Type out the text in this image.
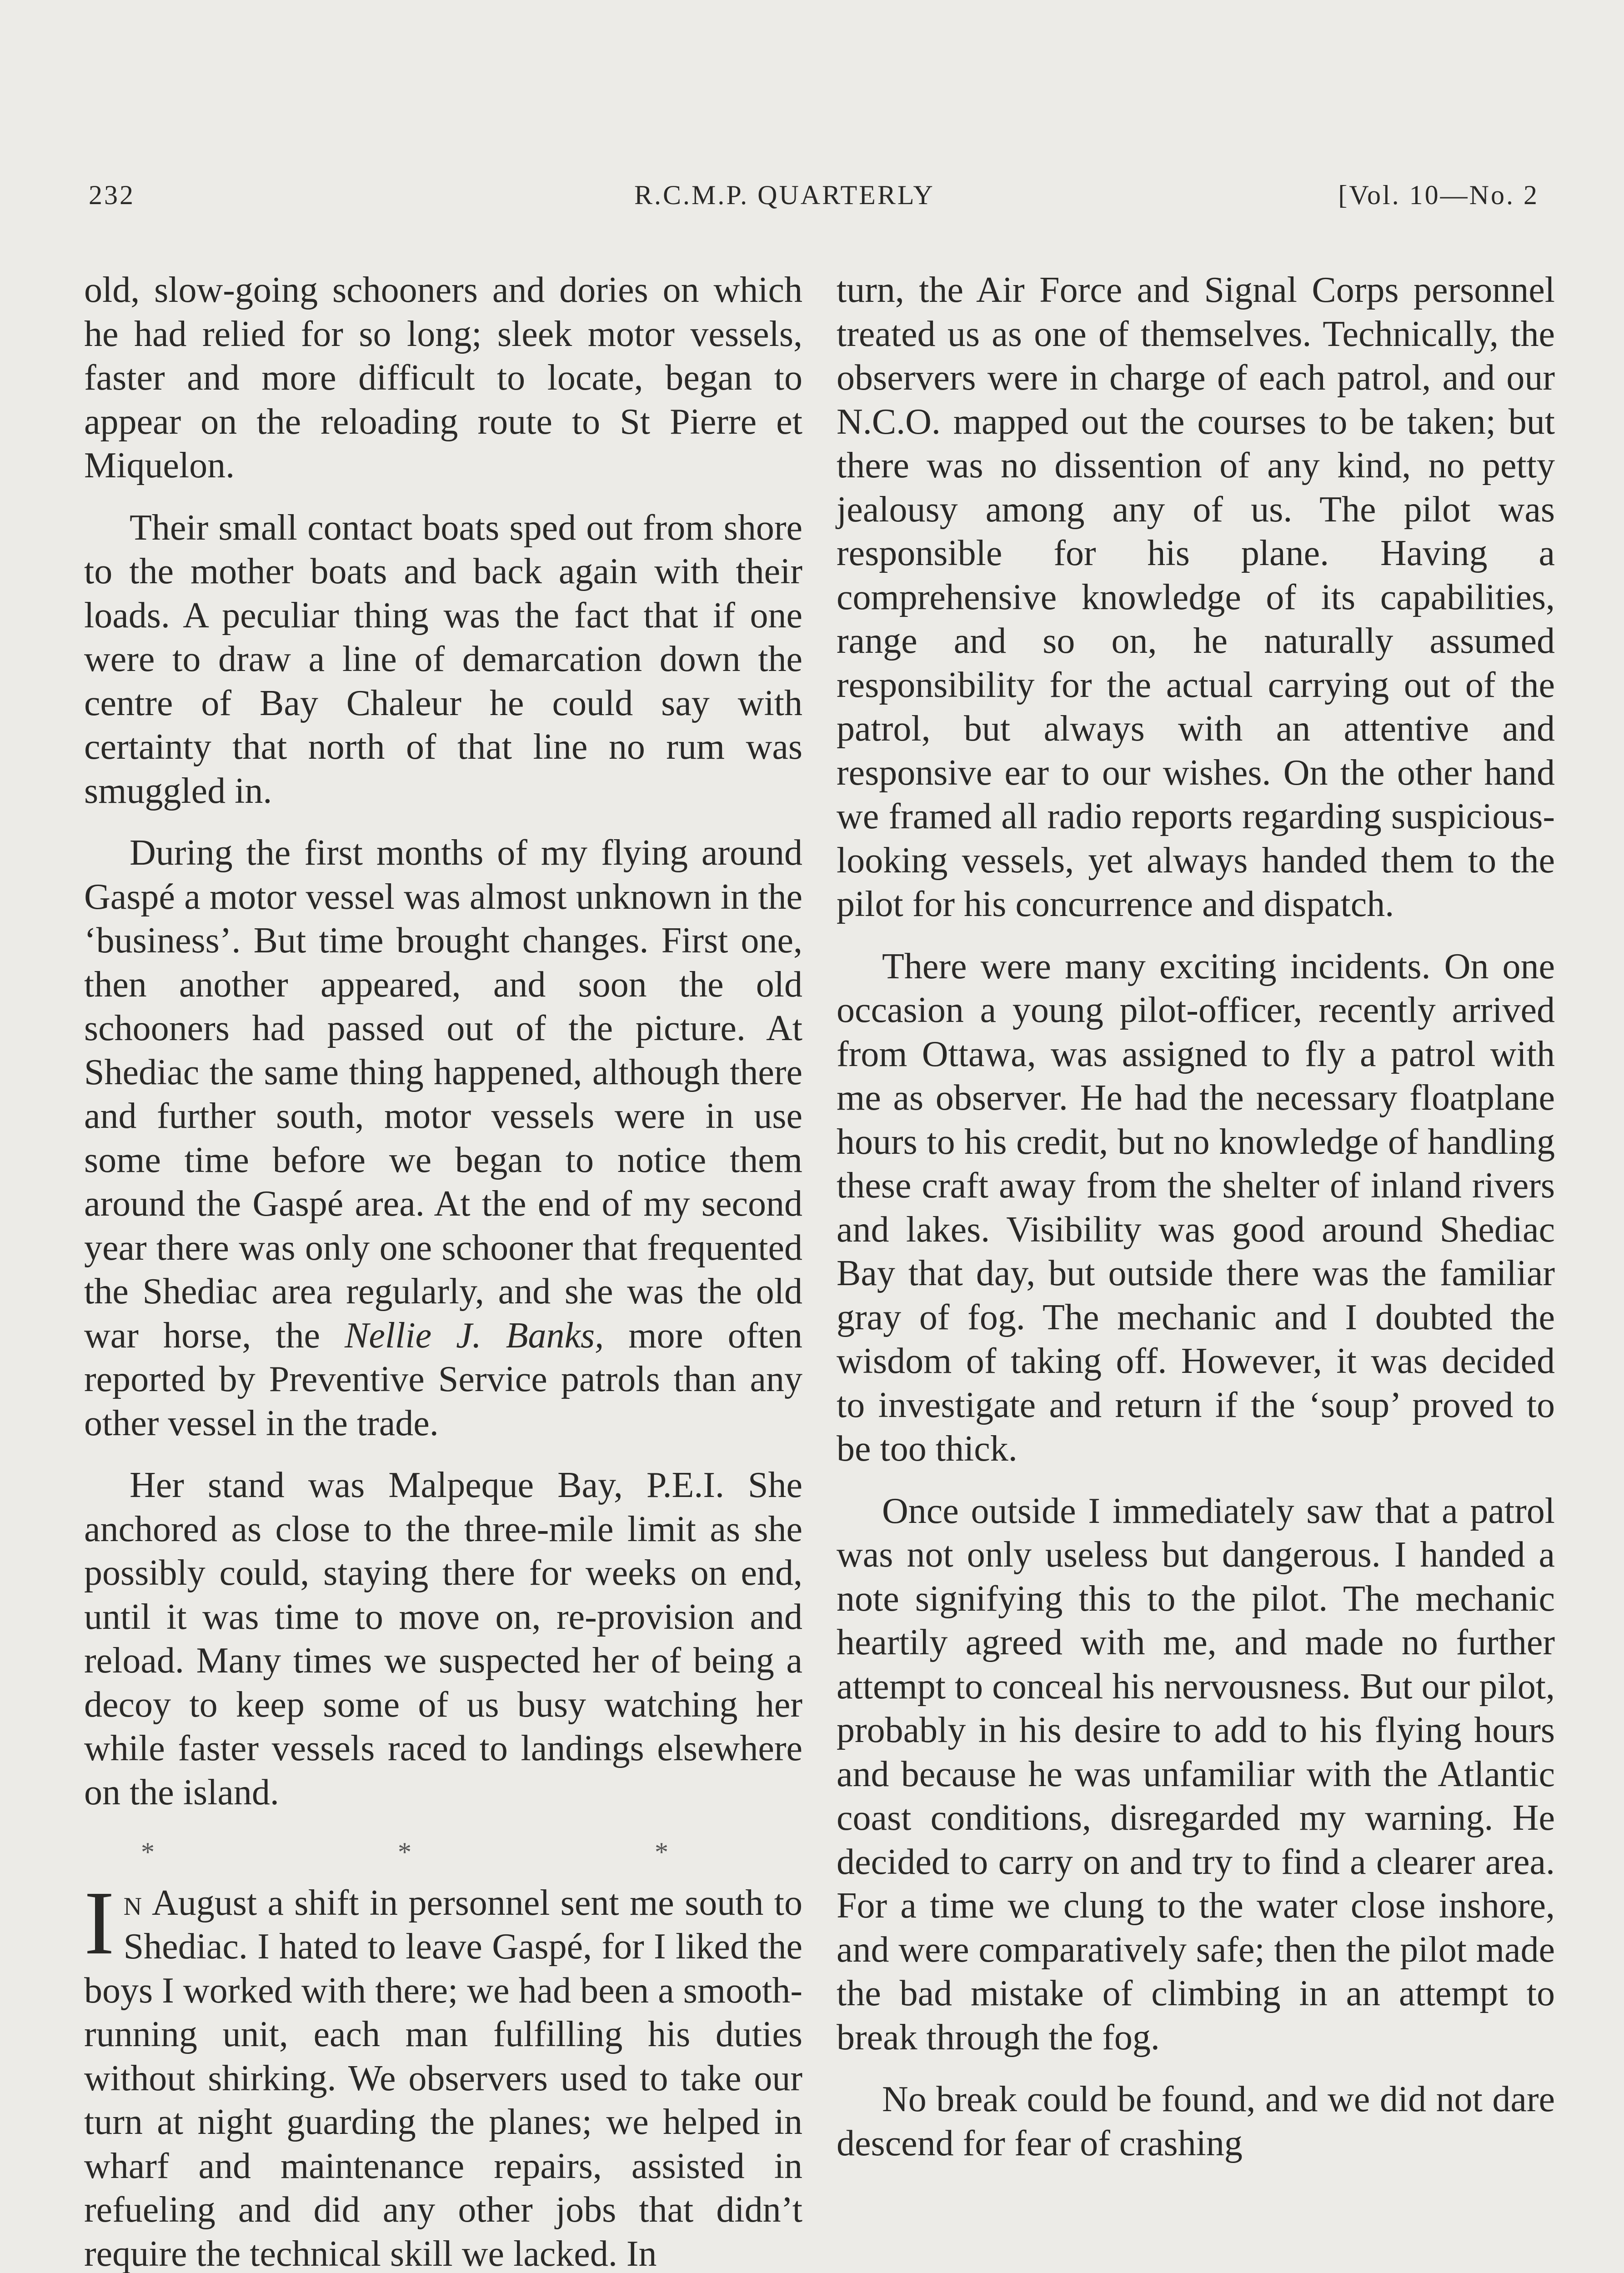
232	R.C.M.P. QUARTERLY	[Vol. 10—No. 2

old, slow-going schooners and dories on which he had relied for so long; sleek motor vessels, faster and more difficult to locate, began to appear on the reloading route to St Pierre et Miquelon.

Their small contact boats sped out from shore to the mother boats and back again with their loads. A peculiar thing was the fact that if one were to draw a line of demarcation down the centre of Bay Chaleur he could say with certainty that north of that line no rum was smuggled in.

During the first months of my flying around Gaspé a motor vessel was almost unknown in the ‘business’. But time brought changes. First one, then another appeared, and soon the old schooners had passed out of the picture. At Shediac the same thing happened, although there and further south, motor vessels were in use some time before we began to notice them around the Gaspé area. At the end of my second year there was only one schooner that frequented the Shediac area regularly, and she was the old war horse, the Nellie J. Banks, more often reported by Preventive Service patrols than any other vessel in the trade.

Her stand was Malpeque Bay, P.E.I. She anchored as close to the three-mile limit as she possibly could, staying there for weeks on end, until it was time to move on, re-provision and reload. Many times we suspected her of being a decoy to keep some of us busy watching her while faster vessels raced to landings elsewhere on the island.

* * *

In August a shift in personnel sent me south to Shediac. I hated to leave Gaspé, for I liked the boys I worked with there; we had been a smooth-running unit, each man fulfilling his duties without shirking. We observers used to take our turn at night guarding the planes; we helped in wharf and maintenance repairs, assisted in refueling and did any other jobs that didn’t require the technical skill we lacked. In

turn, the Air Force and Signal Corps personnel treated us as one of themselves. Technically, the observers were in charge of each patrol, and our N.C.O. mapped out the courses to be taken; but there was no dissention of any kind, no petty jealousy among any of us. The pilot was responsible for his plane. Having a comprehensive knowledge of its capabilities, range and so on, he naturally assumed responsibility for the actual carrying out of the patrol, but always with an attentive and responsive ear to our wishes. On the other hand we framed all radio reports regarding suspicious-looking vessels, yet always handed them to the pilot for his concurrence and dispatch.

There were many exciting incidents. On one occasion a young pilot-officer, recently arrived from Ottawa, was assigned to fly a patrol with me as observer. He had the necessary floatplane hours to his credit, but no knowledge of handling these craft away from the shelter of inland rivers and lakes. Visibility was good around Shediac Bay that day, but outside there was the familiar gray of fog. The mechanic and I doubted the wisdom of taking off. However, it was decided to investigate and return if the ‘soup’ proved to be too thick.

Once outside I immediately saw that a patrol was not only useless but dangerous. I handed a note signifying this to the pilot. The mechanic heartily agreed with me, and made no further attempt to conceal his nervousness. But our pilot, probably in his desire to add to his flying hours and because he was unfamiliar with the Atlantic coast conditions, disregarded my warning. He decided to carry on and try to find a clearer area. For a time we clung to the water close inshore, and were comparatively safe; then the pilot made the bad mistake of climbing in an attempt to break through the fog.

No break could be found, and we did not dare descend for fear of crashing
